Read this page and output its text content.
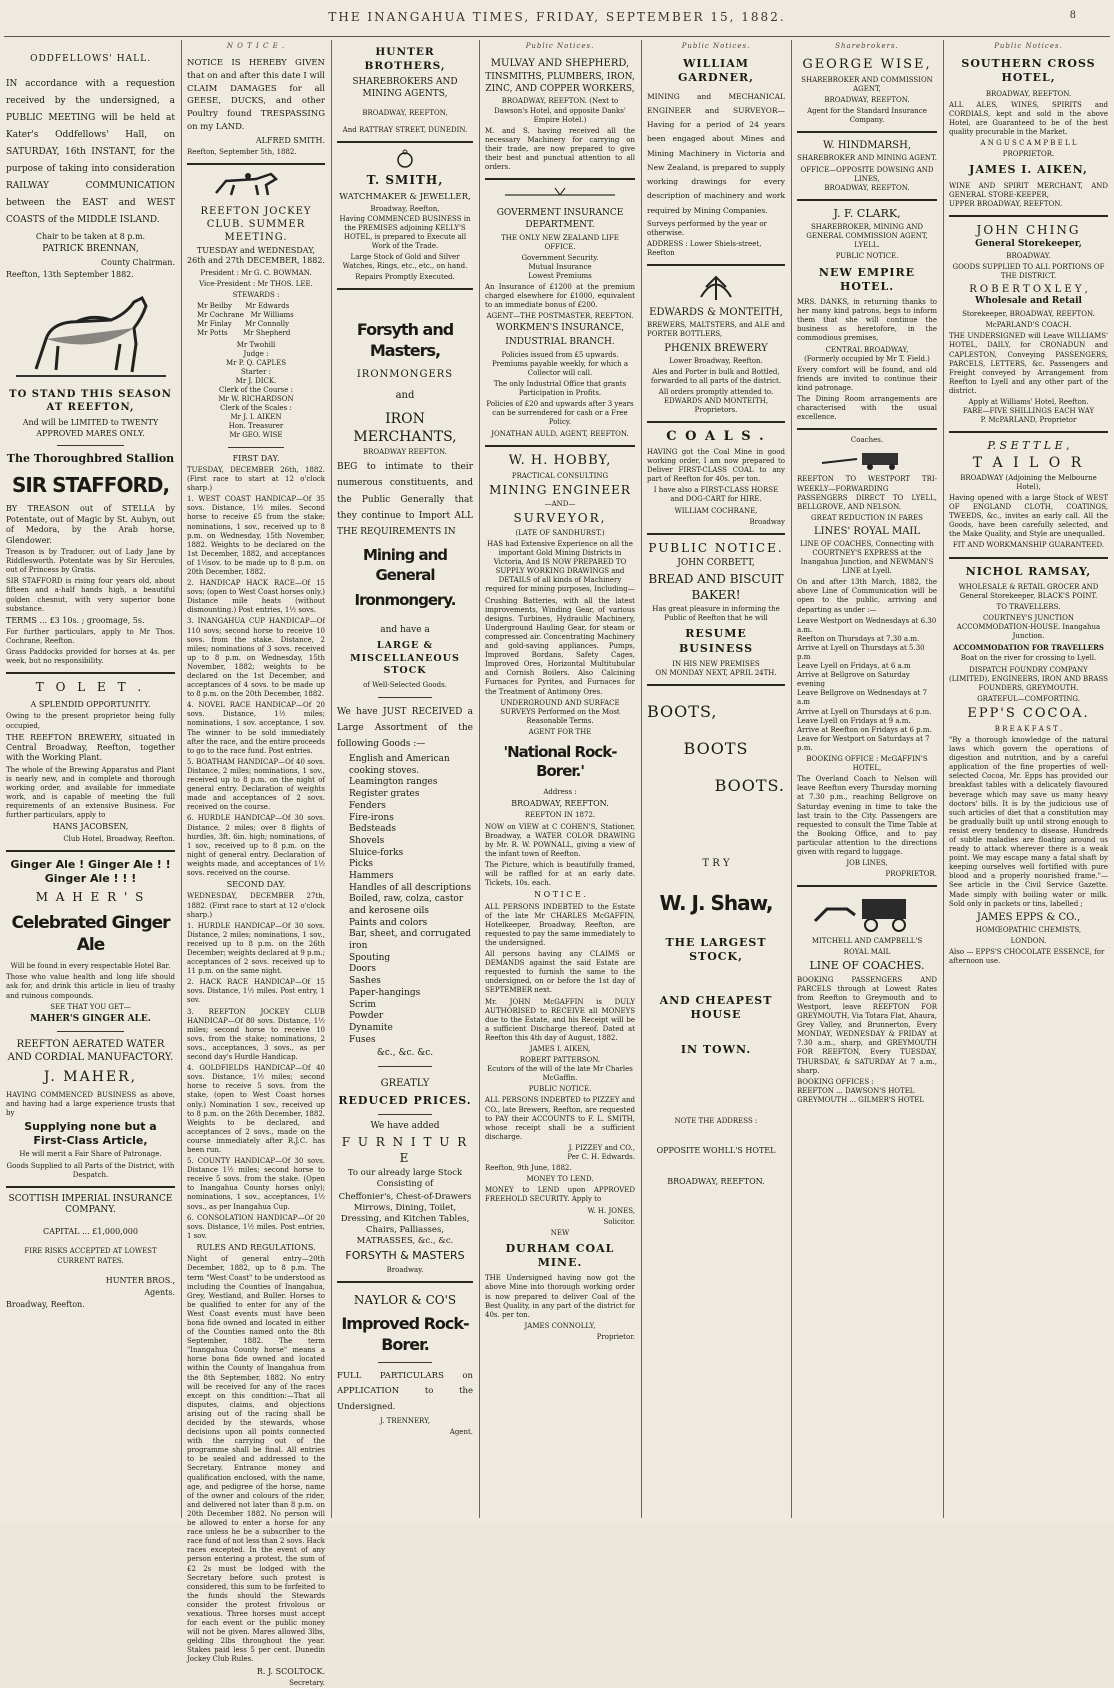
THE INANGAHUA TIMES, FRIDAY, SEPTEMBER 15, 1882.	8
ODDFELLOWS' HALL.

IN accordance with a requestion received by the undersigned, a PUBLIC MEETING will be held at Kater's Oddfellows' Hall, on SATURDAY, 16th INSTANT, for the purpose of taking into consideration RAILWAY COMMUNICATION between the EAST and WEST COASTS of the MIDDLE ISLAND.

Chair to be taken at 8 p.m.

PATRICK BRENNAN,

County Chairman.

Reefton, 13th September 1882.

TO STAND THIS SEASON AT REEFTON,

And will be LIMITED to TWENTY APPROVED MARES ONLY.

The Thoroughbred Stallion
SIR STAFFORD,

BY TREASON out of STELLA by Potentate, out of Magic by St. Aubyn, out of Medora, by the Arab horse, Glendower.

Treason is by Traducer, out of Lady Jane by Riddlesworth. Potentate was by Sir Hercules, out of Princess by Gratis.

SIR STAFFORD is rising four years old, about fifteen and a-half hands high, a beautiful golden chesnut, with very superior bone substance.

TERMS ... £3 10s. ; groomage, 5s.

For further particulars, apply to Mr Thos. Cochrane, Reefton.

Grass Paddocks provided for horses at 4s. per week, but no responsibility.

T O L E T .

A SPLENDID OPPORTUNITY.

Owing to the present proprietor being fully occupied,

THE REEFTON BREWERY, situated in Central Broadway, Reefton, together with the Working Plant.

The whole of the Brewing Apparatus and Plant is nearly new, and in complete and thorough working order, and available for immediate work, and is capable of meeting the full requirements of an extensive Business. For further particulars, apply to

HANS JACOBSEN,

Club Hotel, Broadway, Reefton.

Ginger Ale ! Ginger Ale ! !
Ginger Ale ! ! !
M A H E R ' S
Celebrated Ginger Ale

Will be found in every respectable Hotel Bar.

Those who value health and long life should ask for, and drink this article in lieu of trashy and ruinous compounds.

SEE THAT YOU GET—

MAHER'S GINGER ALE.
REEFTON AERATED WATER AND CORDIAL MANUFACTORY.
J. MAHER,

HAVING COMMENCED BUSINESS as above, and having had a large experience trusts that by

Supplying none but a First-Class Article,

He will merit a Fair Share of Patronage.

Goods Supplied to all Parts of the District, with Despatch.

SCOTTISH IMPERIAL INSURANCE COMPANY.

CAPITAL ... £1,000,000

FIRE RISKS ACCEPTED AT LOWEST CURRENT RATES.

HUNTER BROS.,

Agents.

Broadway, Reefton.

N O T I C E .

NOTICE IS HEREBY GIVEN that on and after this date I will CLAIM DAMAGES for all GEESE, DUCKS, and other Poultry found TRESPASSING on my LAND.

ALFRED SMITH.

Reefton, September 5th, 1882.

REEFTON JOCKEY CLUB. SUMMER MEETING.

TUESDAY and WEDNESDAY, 26th and 27th DECEMBER, 1882.

President : Mr G. C. BOWMAN.

Vice-President : Mr THOS. LEE.

STEWARDS :

Mr Beilby      Mr Edwards
Mr Cochrane   Mr Williams
Mr Finlay      Mr Connolly
Mr Potts       Mr Shepherd

Mr Twohill
Judge :
Mr P. Q. CAPLES
Starter :
Mr J. DICK.
Clerk of the Course :
Mr W. RICHARDSON
Clerk of the Scales :
Mr J. I. AIKEN
Hon. Treasurer
Mr GEO. WISE

FIRST DAY.

TUESDAY, DECEMBER 26th, 1882. (First race to start at 12 o'clock sharp.)

1. WEST COAST HANDICAP—Of 35 sovs. Distance, 1½ miles. Second horse to receive £5 from the stake; nominations, 1 sov., received up to 8 p.m. on Wednesday, 15th November, 1882. Weights to be declared on the 1st December, 1882, and acceptances of 1½sov. to be made up to 8 p.m. on 20th December, 1882.

2. HANDICAP HACK RACE—Of 15 sovs; (open to West Coast horses only.) Distance mile heats (without dismounting.) Post entries, 1½ sovs.

3. INANGAHUA CUP HANDICAP—Of 110 sovs; second horse to receive 10 sovs. from the stake. Distance, 2 miles; nominations of 3 sovs. received up to 8 p.m. on Wednesday, 15th November, 1882; weights to be declared on the 1st December, and acceptances of 4 sovs. to be made up to 8 p.m. on the 20th December, 1882.

4. NOVEL RACE HANDICAP—Of 20 sovs. Distance, 1½ miles; nominations, 1 sov. acceptance, 1 sov. The winner to be sold immediately after the race, and the entire proceeds to go to the race fund. Post entries.

5. BOATHAM HANDICAP—Of 40 sovs. Distance, 2 miles; nominations, 1 sov., received up to 8 p.m. on the night of general entry. Declaration of weights made and acceptances of 2 sovs. received on the course.

6. HURDLE HANDICAP—Of 30 sovs. Distance, 2 miles; over 8 flights of hurdles, 3ft. 6in. high; nominations, of 1 sov., received up to 8 p.m. on the night of general entry. Declaration of weights made, and acceptances of 1½ sovs. received on the course.

SECOND DAY.

WEDNESDAY, DECEMBER 27th, 1882. (First race to start at 12 o'clock sharp.)

1. HURDLE HANDICAP—Of 30 sovs. Distance, 2 miles; nominations, 1 sov., received up to 8 p.m. on the 26th December; weights declared at 9 p.m.; acceptances of 2 sovs. received up to 11 p.m. on the same night.

2. HACK RACE HANDICAP—Of 15 sovs. Distance, 1½ miles. Post entry, 1 sov.

3. REEFTON JOCKEY CLUB HANDICAP—Of 80 sovs. Distance, 1½ miles; second horse to receive 10 sovs. from the stake; nominations, 2 sovs., acceptances, 3 sovs., as per second day's Hurdle Handicap.

4. GOLDFIELDS HANDICAP—Of 40 sovs. Distance, 1½ miles; second horse to receive 5 sovs. from the stake, (open to West Coast horses only.) Nomination 1 sov., received up to 8 p.m. on the 26th December, 1882. Weights to be declared, and acceptances of 2 sovs., made on the course immediately after R.J.C. has been run.

5. COUNTY HANDICAP—Of 30 sovs. Distance 1½ miles; second horse to receive 5 sovs. from the stake. (Open to Inangahua County horses only); nominations, 1 sov., acceptances, 1½ sovs., as per Inangahua Cup.

6. CONSOLATION HANDICAP—Of 20 sovs. Distance, 1½ miles. Post entries, 1 sov.

RULES AND REGULATIONS.

Night of general entry—20th December, 1882, up to 8 p.m. The term "West Coast" to be understood as including the Counties of Inangahua, Grey, Westland, and Buller. Horses to be qualified to enter for any of the West Coast events must have been bona fide owned and located in either of the Counties named onto the 8th September, 1882. The term "Inangahua County horse" means a horse bona fide owned and located within the County of Inangahua from the 8th September, 1882. No entry will be received for any of the races except on this condition:—That all disputes, claims, and objections arising out of the racing shall be decided by the stewards, whose decisions upon all points connected with the carrying out of the programme shall be final. All entries to be sealed and addressed to the Secretary. Entrance money and qualification enclosed, with the name, age, and pedigree of the horse, name of the owner and colours of the rider, and delivered not later than 8 p.m. on 20th December 1882. No person will be allowed to enter a horse for any race unless he be a subscriber to the race fund of not less than 2 sovs. Hack races excepted. In the event of any person entering a protest, the sum of £2 2s must be lodged with the Secretary before such protest is considered, this sum to be forfeited to the funds should the Stewards consider the protest frivolous or vexatious. Three horses must accept for each event or the public money will not be given. Mares allowed 3lbs, gelding 2lbs throughout the year. Stakes paid less 5 per cent. Dunedin Jockey Club Rules.

R. J. SCOLTOCK.

Secretary.

HUNTER BROTHERS,

SHAREBROKERS AND MINING AGENTS,

BROADWAY, REEFTON,

And RATTRAY STREET, DUNEDIN.

T. SMITH,

WATCHMAKER & JEWELLER,

Broadway, Reefton,
Having COMMENCED BUSINESS in the PREMISES adjoining KELLY'S HOTEL, is prepared to Execute all Work of the Trade.

Large Stock of Gold and Silver Watches, Rings, etc., etc., on hand.

Repairs Promptly Executed.

Forsyth and Masters,

IRONMONGERS

and

IRON MERCHANTS,

BROADWAY REEFTON.

BEG to intimate to their numerous constituents, and the Public Generally that they continue to Import ALL THE REQUIREMENTS IN

Mining and General
Ironmongery.

and have a

LARGE & MISCELLANEOUS STOCK

of Well-Selected Goods.

We have JUST RECEIVED a Large Assortment of the following Goods :—

English and American cooking stoves.
Leamington ranges
Register grates
Fenders
Fire-irons
Bedsteads
Shovels
Sluice-forks
Picks
Hammers
Handles of all descriptions
Boiled, raw, colza, castor and kerosene oils
Paints and colors
Bar, sheet, and corrugated iron
Spouting
Doors
Sashes
Paper-hangings
Scrim
Powder
Dynamite
Fuses

&c., &c. &c.

GREATLY

REDUCED PRICES.

We have added

F U R N I T U R E

To our already large Stock Consisting of

Cheffonier's, Chest-of-Drawers Mirrows, Dining, Toilet, Dressing, and Kitchen Tables, Chairs, Palliasses, MATRASSES, &c., &c.

FORSYTH & MASTERS

Broadway.

NAYLOR & CO'S

Improved Rock-Borer.

FULL PARTICULARS on APPLICATION to the Undersigned.

J. TRENNERY,

Agent.

Public Notices.
MULVAY AND SHEPHERD,

TINSMITHS, PLUMBERS, IRON, ZINC, AND COPPER WORKERS,

BROADWAY, REEFTON. (Next to Dawson's Hotel, and opposite Danks' Empire Hotel.)

M. and S. having received all the necessary Machinery for carrying on their trade, are now prepared to give their best and punctual attention to all orders.

GOVERMENT INSURANCE DEPARTMENT.

THE ONLY NEW ZEALAND LIFE OFFICE.

Government Security.
Mutual Insurance
Lowest Premiums

An Insurance of £1200 at the premium charged elsewhere for £1000, equivalent to an immediate bonus of £200.

AGENT—THE POSTMASTER, REEFTON.

WORKMEN'S INSURANCE,

INDUSTRIAL BRANCH.

Policies issued from £5 upwards. Premiums payable weekly, for which a Collector will call.

The only Industrial Office that grants Participation in Profits.

Policies of £20 and upwards after 3 years can be surrendered for cash or a Free Policy.

JONATHAN AULD, AGENT, REEFTON.

W. H. HOBBY,

PRACTICAL CONSULTING

MINING ENGINEER

—AND—

SURVEYOR,

(LATE OF SANDHURST.)

HAS had Extensive Experience on all the important Gold Mining Districts in Victoria, And IS NOW PREPARED TO SUPPLY WORKING DRAWINGS and DETAILS of all kinds of Machinery required for mining purposes, Including—

Crushing Batteries, with all the latest improvements, Winding Gear, of various designs. Turbines, Hydraulic Machinery, Underground Hauling Gear, for steam or compressed air. Concentrating Machinery and gold-saving appliances. Pumps, Improved Bordans, Safety Cages, Improved Ores, Horizontal Multitubular and Cornish Boilers. Also Calcining Furnaces for Pyrites, and Furnaces for the Treatment of Antimony Ores.

UNDERGROUND AND SURFACE SURVEYS Performed on the Most Reasonable Terms.

AGENT FOR THE

'National Rock-Borer.'

Address :

BROADWAY, REEFTON.

REEFTON IN 1872.

NOW on VIEW at C COHEN'S, Stationer, Broadway, a WATER COLOR DRAWING by Mr. R. W. POWNALL, giving a view of the infant town of Reefton.

The Picture, which is beautifully framed, will be raffled for at an early date. Tickets, 10s. each.

N O T I C E .

ALL PERSONS INDEBTED to the Estate of the late Mr CHARLES McGAFFIN, Hotelkeeper, Broadway, Reefton, are requested to pay the same immediately to the undersigned.

All persons having any CLAIMS or DEMANDS against the said Estate are requested to furnish the same to the undersigned, on or before the 1st day of SEPTEMBER next.

Mr. JOHN McGAFFIN is DULY AUTHORISED to RECEIVE all MONEYS due to the Estate, and his Receipt will be a sufficient Discharge thereof. Dated at Reefton this 4th day of August, 1882.

JAMES I. AIKEN,

ROBERT PATTERSON.
Ecutors of the will of the late Mr Charles McGaffin.

PUBLIC NOTICE.

ALL PERSONS INDEBTED to PIZZEY and CO., late Brewers, Reefton, are requested to PAY their ACCOUNTS to F. L. SMITH, whose receipt shall be a sufficient discharge.

J. PIZZEY and CO.,
Per C. H. Edwards.

Reefton, 9th June, 1882.

MONEY TO LEND.

MONEY to LEND upon APPROVED FREEHOLD SECURITY. Apply to

W. H. JONES,

Solicitor.

NEW

DURHAM COAL MINE.

THE Undersigned having now got the above Mine into thorough working order is now prepared to deliver Coal of the Best Quality, in any part of the district for 40s. per ton.

JAMES CONNOLLY,

Proprietor.

Public Notices.
WILLIAM GARDNER,

MINING and MECHANICAL ENGINEER and SURVEYOR—Having for a period of 24 years been engaged about Mines and Mining Machinery in Victoria and New Zealand, is prepared to supply working drawings for every description of machinery and work required by Mining Companies.

Surveys performed by the year or otherwise.

ADDRESS : Lower Shiels-street, Reefton

EDWARDS & MONTEITH,

BREWERS, MALTSTERS, and ALE and PORTER BOTTLERS,

PHŒNIX BREWERY

Lower Broadway, Reefton.

Ales and Porter in bulk and Bottled, forwarded to all parts of the district.

All orders promptly attended to.
EDWARDS AND MONTEITH,
Proprietors.

C O A L S .

HAVING got the Coal Mine in good working order, I am now prepared to Deliver FIRST-CLASS COAL to any part of Reefton for 40s. per ton.

I have also a FIRST-CLASS HORSE and DOG-CART for HIRE.

WILLIAM COCHRANE,

Broadway

PUBLIC NOTICE.

JOHN CORBETT,

BREAD AND BISCUIT BAKER!

Has great pleasure in informing the Public of Reefton that he will

RESUME BUSINESS

IN HIS NEW PREMISES
ON MONDAY NEXT, APRIL 24TH.

BOOTS,

BOOTS

BOOTS.

T R Y

W. J. Shaw,
THE LARGEST STOCK,
AND CHEAPEST HOUSE
IN TOWN.

NOTE THE ADDRESS :

OPPOSITE WOHLL'S HOTEL

BROADWAY, REEFTON.

Sharebrokers.
GEORGE WISE,

SHAREBROKER AND COMMISSION AGENT,

BROADWAY, REEFTON.

Agent for the Standard Insurance Company.

W. HINDMARSH,

SHAREBROKER AND MINING AGENT.

OFFICE—OPPOSITE DOWSING AND LINES,
BROADWAY, REEFTON.

J. F. CLARK,

SHAREBROKER, MINING AND GENERAL COMMISSION AGENT,
LYELL.

PUBLIC NOTICE.

NEW EMPIRE HOTEL.

MRS. DANKS, in returning thanks to her many kind patrons, begs to inform them that she will continue the business as heretofore, in the commodious premises,

CENTRAL BROADWAY,
(Formerly occupied by Mr T. Field.)

Every comfort will be found, and old friends are invited to continue their kind patronage.

The Dining Room arrangements are characterised with the usual excellence.

Coaches.

REEFTON TO WESTPORT TRI-WEEKLY—FORWARDING PASSENGERS DIRECT TO LYELL, BELLGROVE, AND NELSON.

GREAT REDUCTION IN FARES

LINES' ROYAL MAIL

LINE OF COACHES, Connecting with COURTNEY'S EXPRESS at the Inangahua Junction, and NEWMAN'S LINE at Lyell.

On and after 13th March, 1882, the above Line of Communication will be open to the public, arriving and departing as under :—

Leave Westport on Wednesdays at 6.30 a.m.
Reefton on Thursdays at 7.30 a.m.
Arrive at Lyell on Thursdays at 5.30 p.m
Leave Lyell on Fridays, at 6 a.m
Arrive at Bellgrove on Saturday evening
Leave Bellgrove on Wednesdays at 7 a.m
Arrive at Lyell on Thursdays at 6 p.m.
Leave Lyell on Fridays at 9 a.m.
Arrive at Reefton on Fridays at 6 p.m.
Leave for Westport on Saturdays at 7 p.m.

BOOKING OFFICE : McGAFFIN'S HOTEL,

The Overland Coach to Nelson will leave Reefton every Thursday morning at 7.30 p.m., reaching Bellgrove on Saturday evening in time to take the last train to the City. Passengers are requested to consult the Time Table at the Booking Office, and to pay particular attention to the directions given with regard to luggage.

JOB LINES,

PROPRIETOR.

MITCHELL AND CAMPBELL'S

ROYAL MAIL

LINE OF COACHES.

BOOKING PASSENGERS AND PARCELS through at Lowest Rates from Reefton to Greymouth and to Westport, leave REEFTON FOR GREYMOUTH, Via Totara Flat, Ahaura, Grey Valley, and Brunnerton, Every MONDAY, WEDNESDAY & FRIDAY at 7.30 a.m., sharp, and GREYMOUTH FOR REEFTON, Every TUESDAY, THURSDAY, & SATURDAY At 7 a.m., sharp.

BOOKING OFFICES :
REEFTON ... DAWSON'S HOTEL
GREYMOUTH ... GILMER'S HOTEL

Public Notices.
SOUTHERN CROSS HOTEL,

BROADWAY, REEFTON.

ALL ALES, WINES, SPIRITS and CORDIALS, kept and sold in the above Hotel, are Guaranteed to be of the best quality procurable in the Market.

A N G U S C A M P B E L L

PROPRIETOR.

JAMES I. AIKEN,

WINE AND SPIRIT MERCHANT, AND GENERAL STORE-KEEPER,
UPPER BROADWAY, REEFTON.

JOHN CHING
General Storekeeper,

BROADWAY.

GOODS SUPPLIED TO ALL PORTIONS OF THE DISTRICT.

R O B E R T O X L E Y ,
Wholesale and Retail

Storekeeper, BROADWAY, REEFTON.

McPARLAND'S COACH.

THE UNDERSIGNED will Leave WILLIAMS' HOTEL, DAILY, for CRONADUN and CAPLESTON, Conveying PASSENGERS, PARCELS, LETTERS, &c. Passengers and Freight conveyed by Arrangement from Reefton to Lyell and any other part of the district.

Apply at Williams' Hotel, Reefton.
FARE—FIVE SHILLINGS EACH WAY
P. McPARLAND, Proprietor

P. S E T T L E ,
T A I L O R

BROADWAY (Adjoining the Melbourne Hotel),

Having opened with a large Stock of WEST OF ENGLAND CLOTH, COATINGS, TWEEDS, &c., invites an early call. All the Goods, have been carefully selected, and the Make Quality, and Style are unequalled.

FIT AND WORKMANSHIP GUARANTEED.

NICHOL RAMSAY,

WHOLESALE & RETAIL GROCER AND General Storekeeper, BLACK'S POINT.

TO TRAVELLERS.

COURTNEY'S JUNCTION ACCOMMODATION-HOUSE. Inangahua Junction.

ACCOMMODATION FOR TRAVELLERS

Boat on the river for crossing to Lyell.

DISPATCH FOUNDRY COMPANY (LIMITED), ENGINEERS, IRON AND BRASS FOUNDERS, GREYMOUTH.

GRATEFUL—COMFORTING.

EPP'S COCOA.

B R E A K F A S T .

"By a thorough knowledge of the natural laws which govern the operations of digestion and nutrition, and by a careful application of the fine properties of well-selected Cocoa, Mr. Epps has provided our breakfast tables with a delicately flavoured beverage which may save us many heavy doctors' bills. It is by the judicious use of such articles of diet that a constitution may be gradually built up until strong enough to resist every tendency to disease. Hundreds of subtle maladies are floating around us ready to attack wherever there is a weak point. We may escape many a fatal shaft by keeping ourselves well fortified with pure blood and a properly nourished frame."—See article in the Civil Service Gazette. Made simply with boiling water or milk. Sold only in packets or tins, labelled ;

JAMES EPPS & CO.,

HOMŒOPATHIC CHEMISTS,

LONDON.

Also — EPPS'S CHOCOLATE ESSENCE, for afternoon use.
